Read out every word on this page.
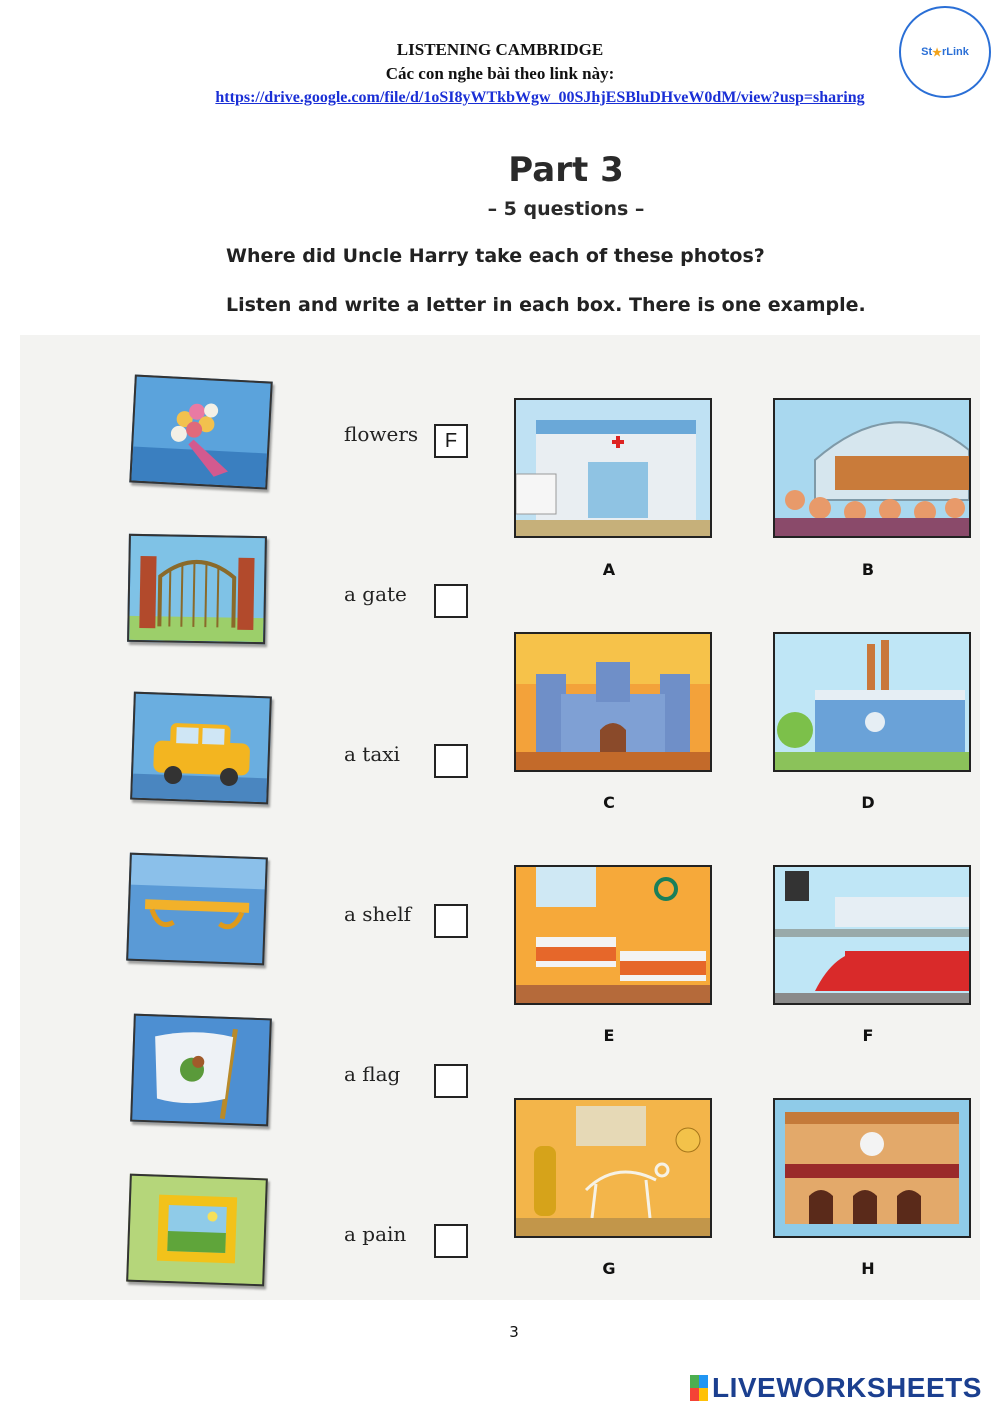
LISTENING CAMBRIDGE
Các con nghe bài theo link này:
https://drive.google.com/file/d/1oSI8yWTkbWgw_00SJhjESBluDHveW0dM/view?usp=sharing
St ★ rLink
Part 3
– 5 questions –
Where did Uncle Harry take each of these photos?
Listen and write a letter in each box. There is one example.
flowers	F
a gate
a taxi
a shelf
a flag
a pain
A	B
C	D
E	F
G	H
3
LIVEWORKSHEETS
